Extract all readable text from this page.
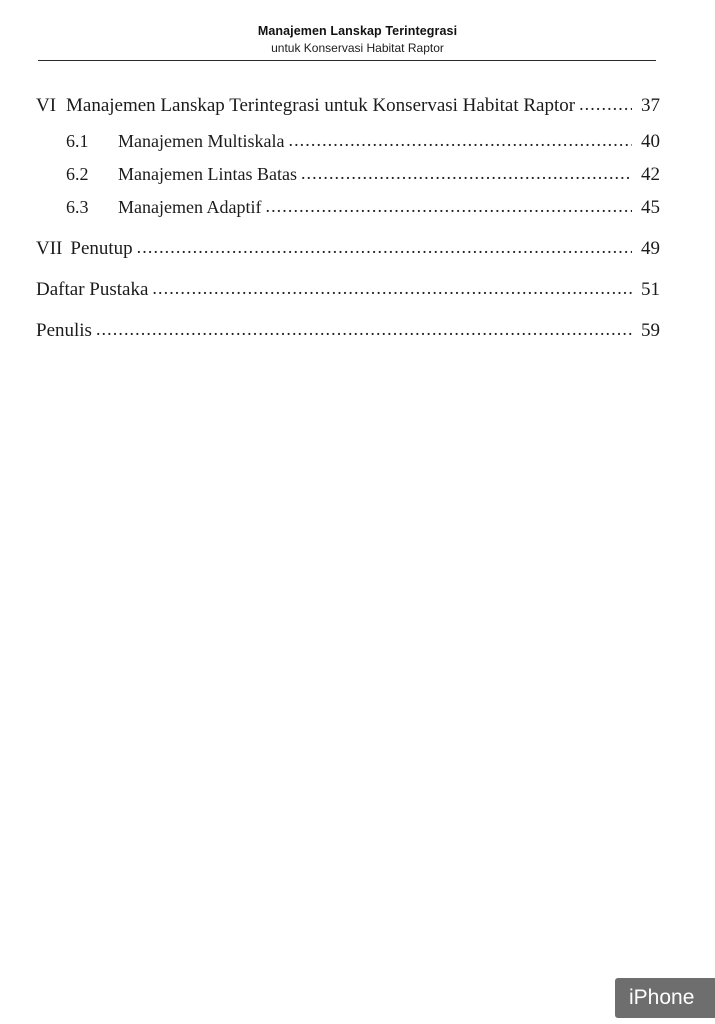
Manajemen Lanskap Terintegrasi
untuk Konservasi Habitat Raptor
VI Manajemen Lanskap Terintegrasi untuk Konservasi Habitat Raptor .....	37
6.1	Manajemen Multiskala .....	40
6.2	Manajemen Lintas Batas .....	42
6.3	Manajemen Adaptif .....	45
VII Penutup .....	49
Daftar Pustaka .....	51
Penulis .....	59
iPhone
